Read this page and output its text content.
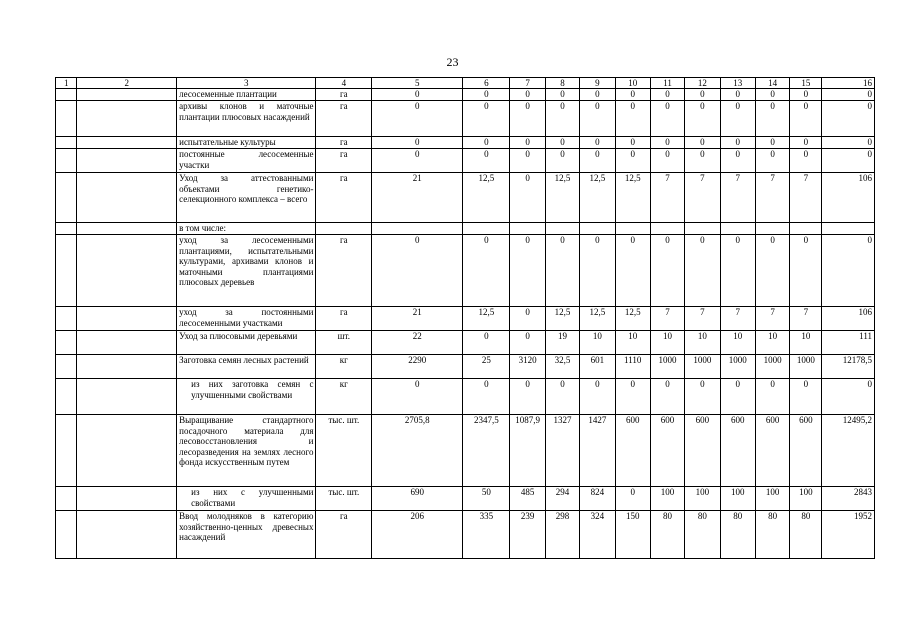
23
1	2	3	4	5	6	7	8	9	10	11	12	13	14	15	16
		лесосеменные плантации	га	0	0	0	0	0	0	0	0	0	0	0	0
		архивы клонов и маточные плантации плюсовых насаждений	га	0	0	0	0	0	0	0	0	0	0	0	0
		испытательные культуры	га	0	0	0	0	0	0	0	0	0	0	0	0
		постоянные лесосеменные участки	га	0	0	0	0	0	0	0	0	0	0	0	0
		Уход за аттестованными объектами генетико-селекционного комплекса – всего	га	21	12,5	0	12,5	12,5	12,5	7	7	7	7	7	106
		в том числе:													
		уход за лесосеменными плантациями, испытательными культурами, архивами клонов и маточными плантациями плюсовых деревьев	га	0	0	0	0	0	0	0	0	0	0	0	0
		уход за постоянными лесосеменными участками	га	21	12,5	0	12,5	12,5	12,5	7	7	7	7	7	106
		Уход за плюсовыми деревьями	шт.	22	0	0	19	10	10	10	10	10	10	10	111
		Заготовка семян лесных растений	кг	2290	25	3120	32,5	601	1110	1000	1000	1000	1000	1000	12178,5
		из них заготовка семян с улучшенными свойствами	кг	0	0	0	0	0	0	0	0	0	0	0	0
		Выращивание стандартного посадочного материала для лесовосстановления и лесоразведения на землях лесного фонда искусственным путем	тыс. шт.	2705,8	2347,5	1087,9	1327	1427	600	600	600	600	600	600	12495,2
		из них с улучшенными свойствами	тыс. шт.	690	50	485	294	824	0	100	100	100	100	100	2843
		Ввод молодняков в категорию хозяйственно-ценных древесных насаждений	га	206	335	239	298	324	150	80	80	80	80	80	1952
